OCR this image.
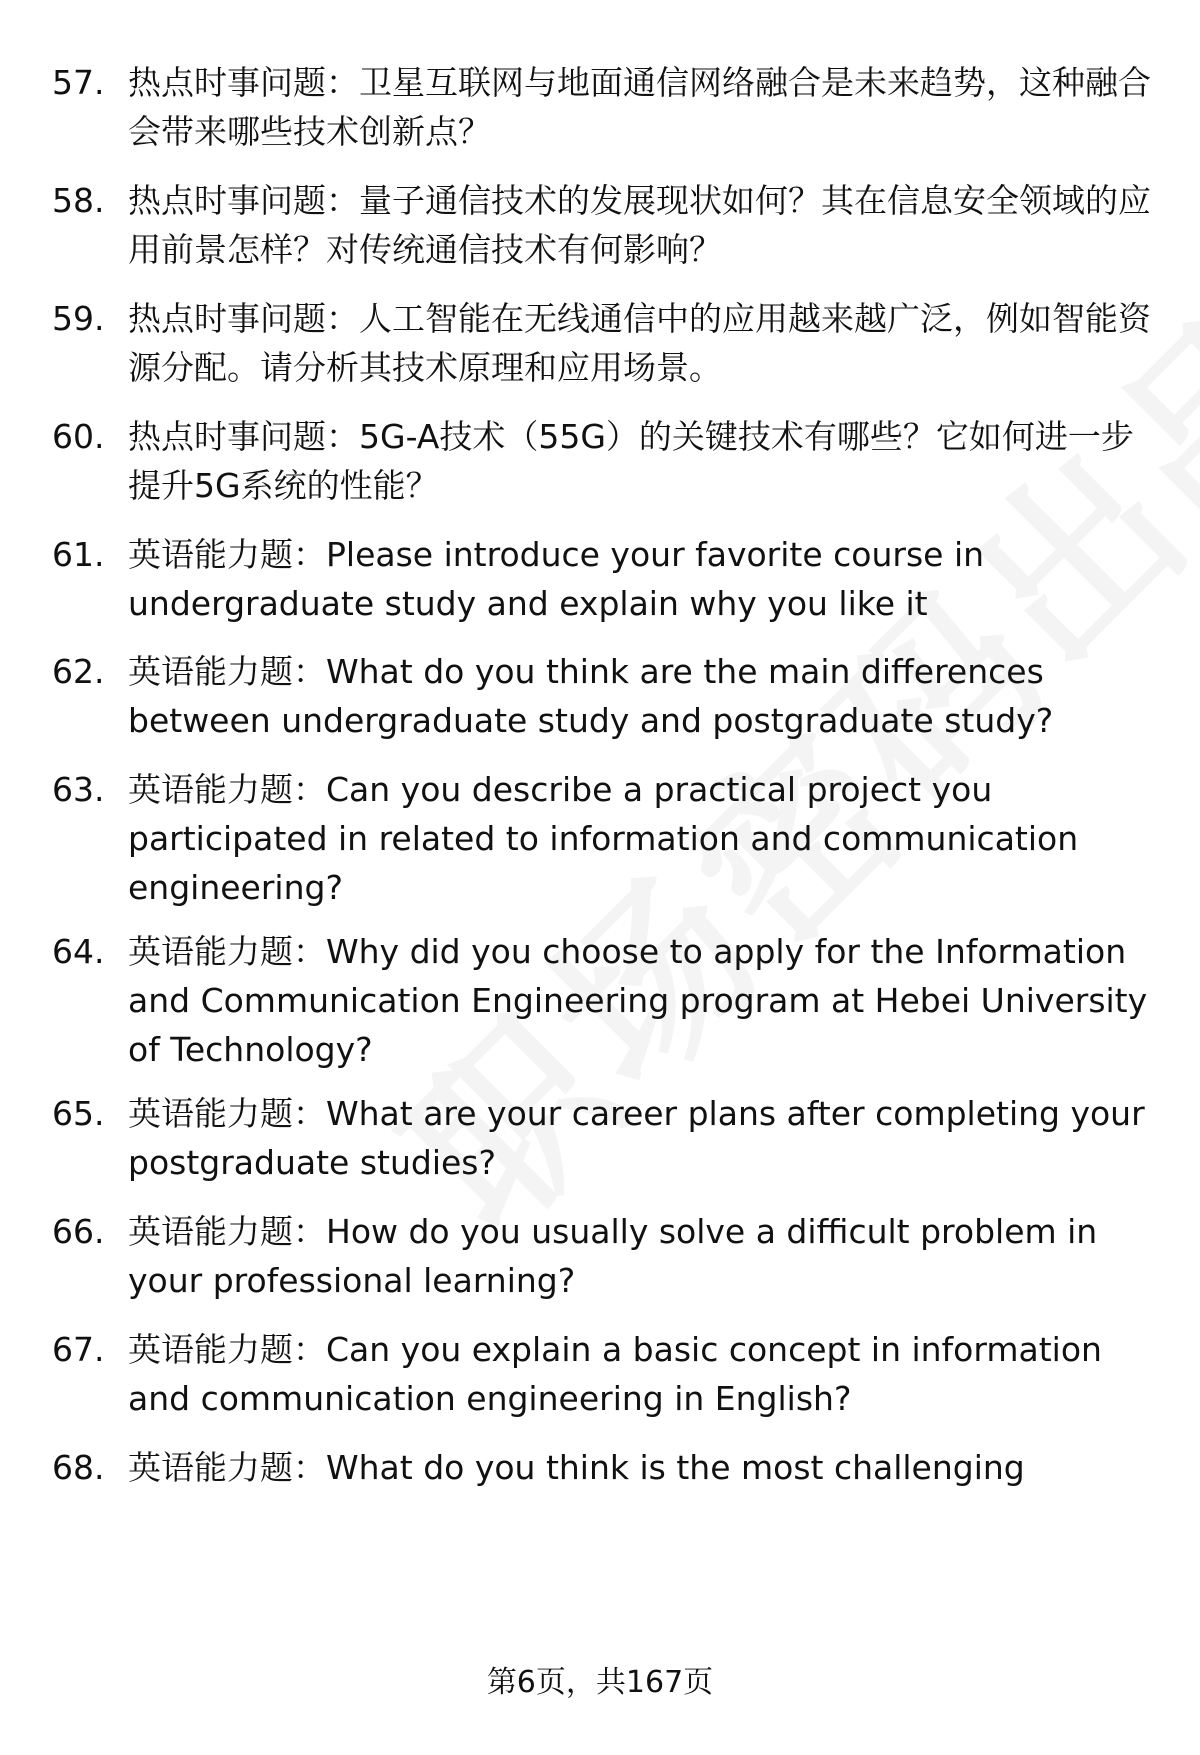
57. 热点时事问题：卫星互联网与地面通信网络融合是未来趋势，这种融合会带来哪些技术创新点？
58. 热点时事问题：量子通信技术的发展现状如何？其在信息安全领域的应用前景怎样？对传统通信技术有何影响？
59. 热点时事问题：人工智能在无线通信中的应用越来越广泛，例如智能资源分配。请分析其技术原理和应用场景。
60. 热点时事问题：5G-A技术（55G）的关键技术有哪些？它如何进一步提升5G系统的性能？
61. 英语能力题：Please introduce your favorite course in undergraduate study and explain why you like it
62. 英语能力题：What do you think are the main differences between undergraduate study and postgraduate study?
63. 英语能力题：Can you describe a practical project you participated in related to information and communication engineering?
64. 英语能力题：Why did you choose to apply for the Information and Communication Engineering program at Hebei University of Technology?
65. 英语能力题：What are your career plans after completing your postgraduate studies?
66. 英语能力题：How do you usually solve a difficult problem in your professional learning?
67. 英语能力题：Can you explain a basic concept in information and communication engineering in English?
68. 英语能力题：What do you think is the most challenging
第6页，共167页
